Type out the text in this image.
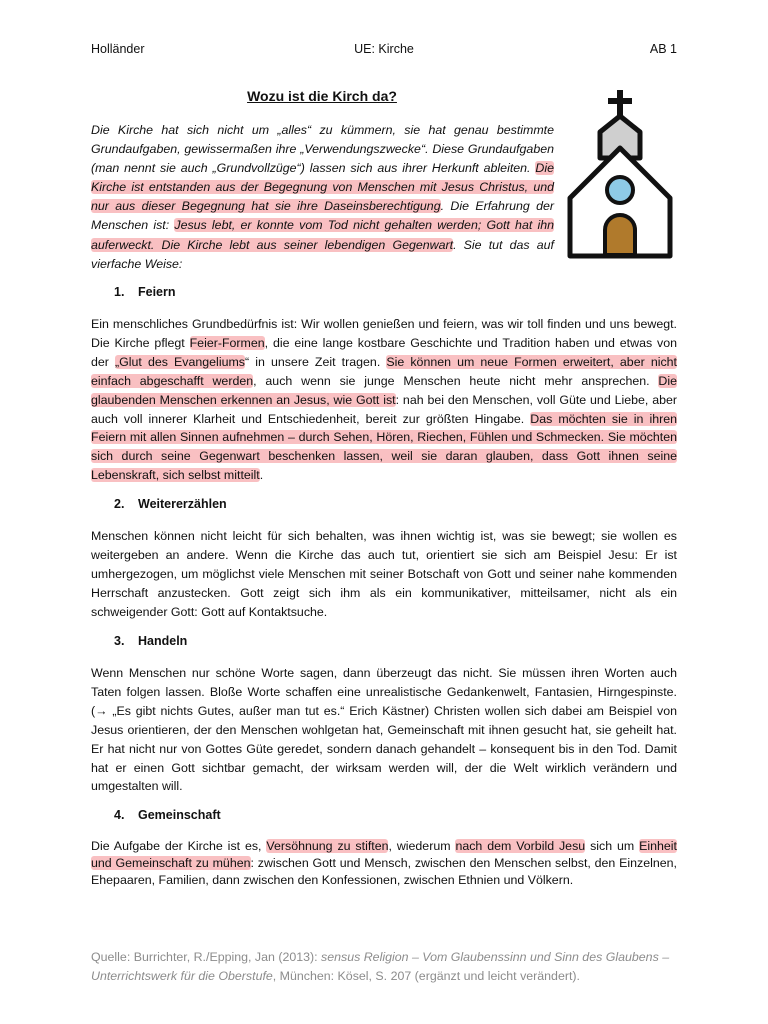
Holländer	UE: Kirche	AB 1
Wozu ist die Kirch da?
Die Kirche hat sich nicht um „alles“ zu kümmern, sie hat genau bestimmte Grundaufgaben, gewissermaßen ihre „Verwendungszwecke“. Diese Grundaufgaben (man nennt sie auch „Grundvollzüge“) lassen sich aus ihrer Herkunft ableiten. Die Kirche ist entstanden aus der Begegnung von Menschen mit Jesus Christus, und nur aus dieser Begegnung hat sie ihre Daseinsberechtigung. Die Erfahrung der Menschen ist: Jesus lebt, er konnte vom Tod nicht gehalten werden; Gott hat ihn auferweckt. Die Kirche lebt aus seiner lebendigen Gegenwart. Sie tut das auf vierfache Weise:
1. Feiern
Ein menschliches Grundbedürfnis ist: Wir wollen genießen und feiern, was wir toll finden und uns bewegt. Die Kirche pflegt Feier-Formen, die eine lange kostbare Geschichte und Tradition haben und etwas von der „Glut des Evangeliums“ in unsere Zeit tragen. Sie können um neue Formen erweitert, aber nicht einfach abgeschafft werden, auch wenn sie junge Menschen heute nicht mehr ansprechen. Die glaubenden Menschen erkennen an Jesus, wie Gott ist: nah bei den Menschen, voll Güte und Liebe, aber auch voll innerer Klarheit und Entschiedenheit, bereit zur größten Hingabe. Das möchten sie in ihren Feiern mit allen Sinnen aufnehmen – durch Sehen, Hören, Riechen, Fühlen und Schmecken. Sie möchten sich durch seine Gegenwart beschenken lassen, weil sie daran glauben, dass Gott ihnen seine Lebenskraft, sich selbst mitteilt.
2. Weitererzählen
Menschen können nicht leicht für sich behalten, was ihnen wichtig ist, was sie bewegt; sie wollen es weitergeben an andere. Wenn die Kirche das auch tut, orientiert sie sich am Beispiel Jesu: Er ist umhergezogen, um möglichst viele Menschen mit seiner Botschaft von Gott und seiner nahe kommenden Herrschaft anzustecken. Gott zeigt sich ihm als ein kommunikativer, mitteilsamer, nicht als ein schweigender Gott: Gott auf Kontaktsuche.
3. Handeln
Wenn Menschen nur schöne Worte sagen, dann überzeugt das nicht. Sie müssen ihren Worten auch Taten folgen lassen. Bloße Worte schaffen eine unrealistische Gedankenwelt, Fantasien, Hirngespinste. (→ „Es gibt nichts Gutes, außer man tut es.“ Erich Kästner) Christen wollen sich dabei am Beispiel von Jesus orientieren, der den Menschen wohlgetan hat, Gemeinschaft mit ihnen gesucht hat, sie geheilt hat. Er hat nicht nur von Gottes Güte geredet, sondern danach gehandelt – konsequent bis in den Tod. Damit hat er einen Gott sichtbar gemacht, der wirksam werden will, der die Welt wirklich verändern und umgestalten will.
4. Gemeinschaft
Die Aufgabe der Kirche ist es, Versöhnung zu stiften, wiederum nach dem Vorbild Jesu sich um Einheit und Gemeinschaft zu mühen: zwischen Gott und Mensch, zwischen den Menschen selbst, den Einzelnen, Ehepaaren, Familien, dann zwischen den Konfessionen, zwischen Ethnien und Völkern.
Quelle: Burrichter, R./Epping, Jan (2013): sensus Religion – Vom Glaubenssinn und Sinn des Glaubens – Unterrichtswerk für die Oberstufe, München: Kösel, S. 207 (ergänzt und leicht verändert).
